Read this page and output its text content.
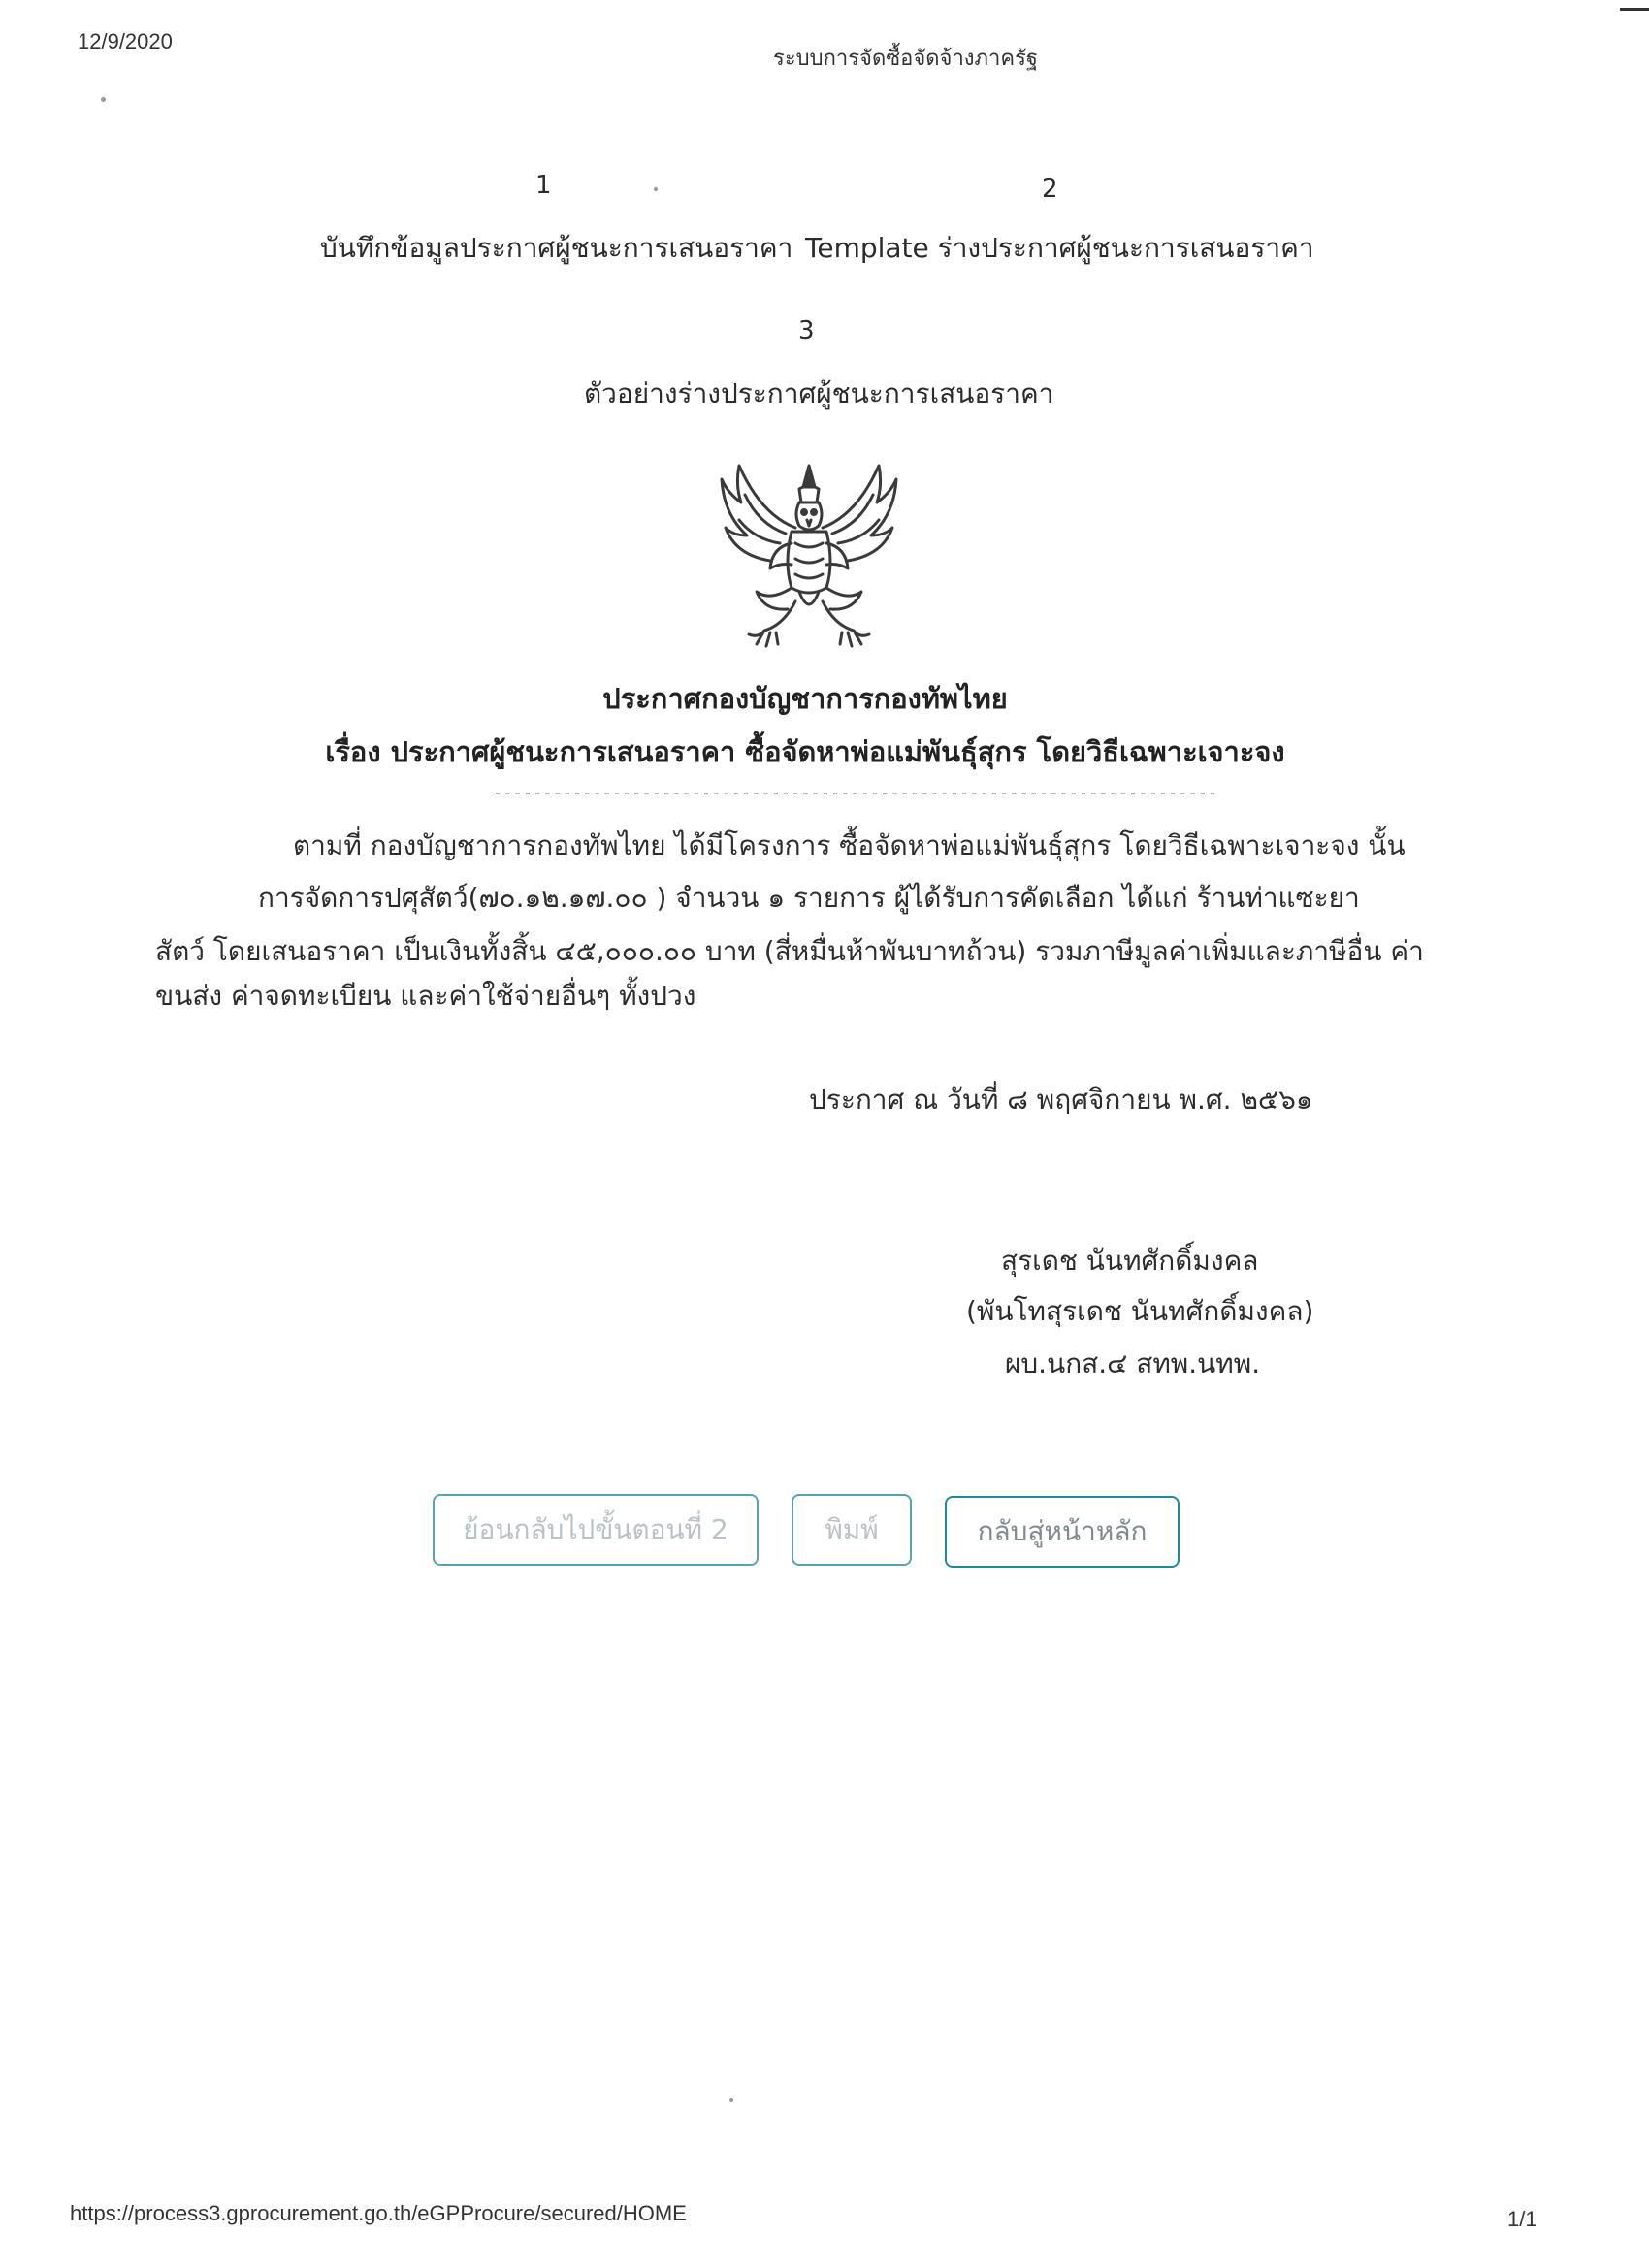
12/9/2020
ระบบการจัดซื้อจัดจ้างภาครัฐ
1
บันทึกข้อมูลประกาศผู้ชนะการเสนอราคา
2
Template ร่างประกาศผู้ชนะการเสนอราคา
3
ตัวอย่างร่างประกาศผู้ชนะการเสนอราคา
ประกาศกองบัญชาการกองทัพไทย
เรื่อง ประกาศผู้ชนะการเสนอราคา ซื้อจัดหาพ่อแม่พันธุ์สุกร โดยวิธีเฉพาะเจาะจง
-------------------------------------------------------------------------
ตามที่ กองบัญชาการกองทัพไทย ได้มีโครงการ ซื้อจัดหาพ่อแม่พันธุ์สุกร โดยวิธีเฉพาะเจาะจง นั้น
การจัดการปศุสัตว์(๗๐.๑๒.๑๗.๐๐ ) จำนวน ๑ รายการ ผู้ได้รับการคัดเลือก ได้แก่ ร้านท่าแซะยา
สัตว์ โดยเสนอราคา เป็นเงินทั้งสิ้น ๔๕,๐๐๐.๐๐ บาท (สี่หมื่นห้าพันบาทถ้วน) รวมภาษีมูลค่าเพิ่มและภาษีอื่น ค่า
ขนส่ง ค่าจดทะเบียน และค่าใช้จ่ายอื่นๆ ทั้งปวง
ประกาศ ณ วันที่ ๘ พฤศจิกายน พ.ศ. ๒๕๖๑
สุรเดช นันทศักดิ์มงคล
(พันโทสุรเดช นันทศักดิ์มงคล)
ผบ.นกส.๔ สทพ.นทพ.
ย้อนกลับไปขั้นตอนที่ 2	พิมพ์	กลับสู่หน้าหลัก
https://process3.gprocurement.go.th/eGPProcure/secured/HOME	1/1
